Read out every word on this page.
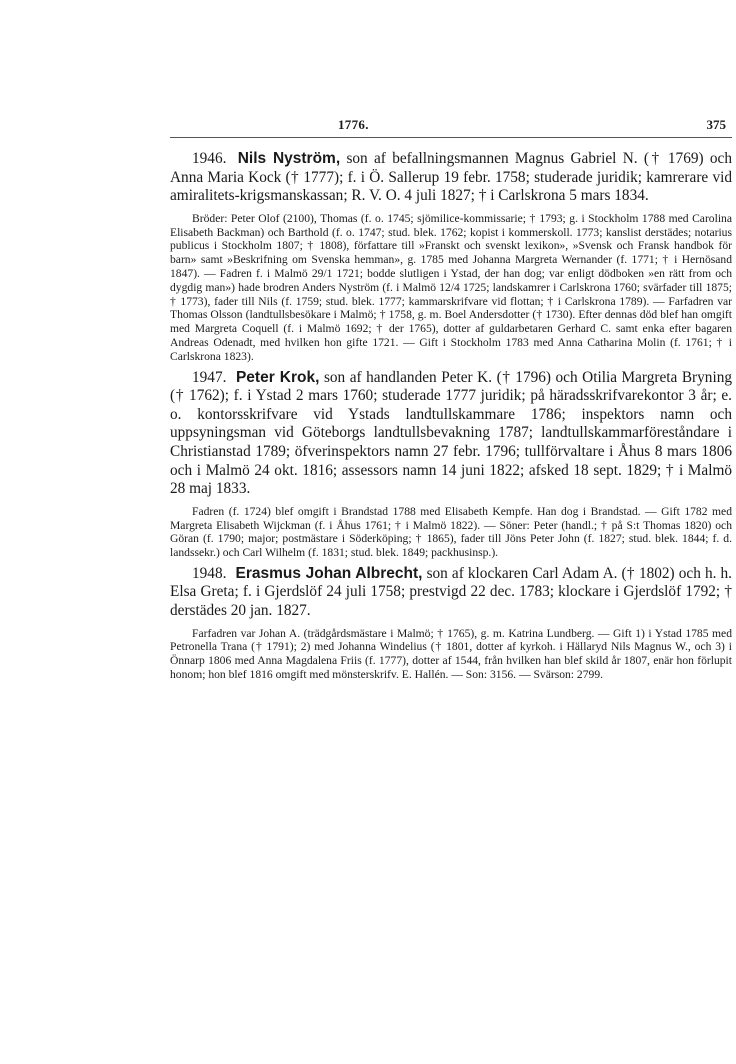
1776.	375

1946. Nils Nyström, son af befallningsmannen Magnus Gabriel N. († 1769) och Anna Maria Kock († 1777); f. i Ö. Sallerup 19 febr. 1758; studerade juridik; kamrerare vid amiralitets-krigsmanskassan; R. V. O. 4 juli 1827; † i Carlskrona 5 mars 1834.

Bröder: Peter Olof (2100), Thomas (f. o. 1745; sjömilice-kommissarie; † 1793; g. i Stockholm 1788 med Carolina Elisabeth Backman) och Barthold (f. o. 1747; stud. blek. 1762; kopist i kommerskoll. 1773; kanslist derstädes; notarius publicus i Stockholm 1807; † 1808), författare till »Franskt och svenskt lexikon», »Svensk och Fransk handbok för barn» samt »Beskrifning om Svenska hemman», g. 1785 med Johanna Margreta Wernander (f. 1771; † i Hernösand 1847). — Fadren f. i Malmö 29/1 1721; bodde slutligen i Ystad, der han dog; var enligt dödboken »en rätt from och dygdig man») hade brodren Anders Nyström (f. i Malmö 12/4 1725; landskamrer i Carlskrona 1760; svärfader till 1875; † 1773), fader till Nils (f. 1759; stud. blek. 1777; kammarskrifvare vid flottan; † i Carlskrona 1789). — Farfadren var Thomas Olsson (landtullsbesökare i Malmö; † 1758, g. m. Boel Andersdotter († 1730). Efter dennas död blef han omgift med Margreta Coquell (f. i Malmö 1692; † der 1765), dotter af guldarbetaren Gerhard C. samt enka efter bagaren Andreas Odenadt, med hvilken hon gifte 1721. — Gift i Stockholm 1783 med Anna Catharina Molin (f. 1761; † i Carlskrona 1823).

1947. Peter Krok, son af handlanden Peter K. († 1796) och Otilia Margreta Bryning († 1762); f. i Ystad 2 mars 1760; studerade 1777 juridik; på häradsskrifvarekontor 3 år; e. o. kontorsskrifvare vid Ystads landtullskammare 1786; inspektors namn och uppsyningsman vid Göteborgs landtullsbevakning 1787; landtullskammarföreståndare i Christianstad 1789; öfverinspektors namn 27 febr. 1796; tullförvaltare i Åhus 8 mars 1806 och i Malmö 24 okt. 1816; assessors namn 14 juni 1822; afsked 18 sept. 1829; † i Malmö 28 maj 1833.

Fadren (f. 1724) blef omgift i Brandstad 1788 med Elisabeth Kempfe. Han dog i Brandstad. — Gift 1782 med Margreta Elisabeth Wijckman (f. i Åhus 1761; † i Malmö 1822). — Söner: Peter (handl.; † på S:t Thomas 1820) och Göran (f. 1790; major; postmästare i Söderköping; † 1865), fader till Jöns Peter John (f. 1827; stud. blek. 1844; f. d. landssekr.) och Carl Wilhelm (f. 1831; stud. blek. 1849; packhusinsp.).

1948. Erasmus Johan Albrecht, son af klockaren Carl Adam A. († 1802) och h. h. Elsa Greta; f. i Gjerdslöf 24 juli 1758; prestvigd 22 dec. 1783; klockare i Gjerdslöf 1792; † derstädes 20 jan. 1827.

Farfadren var Johan A. (trädgårdsmästare i Malmö; † 1765), g. m. Katrina Lundberg. — Gift 1) i Ystad 1785 med Petronella Trana († 1791); 2) med Johanna Windelius († 1801, dotter af kyrkoh. i Hällaryd Nils Magnus W., och 3) i Önnarp 1806 med Anna Magdalena Friis (f. 1777), dotter af 1544, från hvilken han blef skild år 1807, enär hon förlupit honom; hon blef 1816 omgift med mönsterskrifv. E. Hallén. — Son: 3156. — Svärson: 2799.
